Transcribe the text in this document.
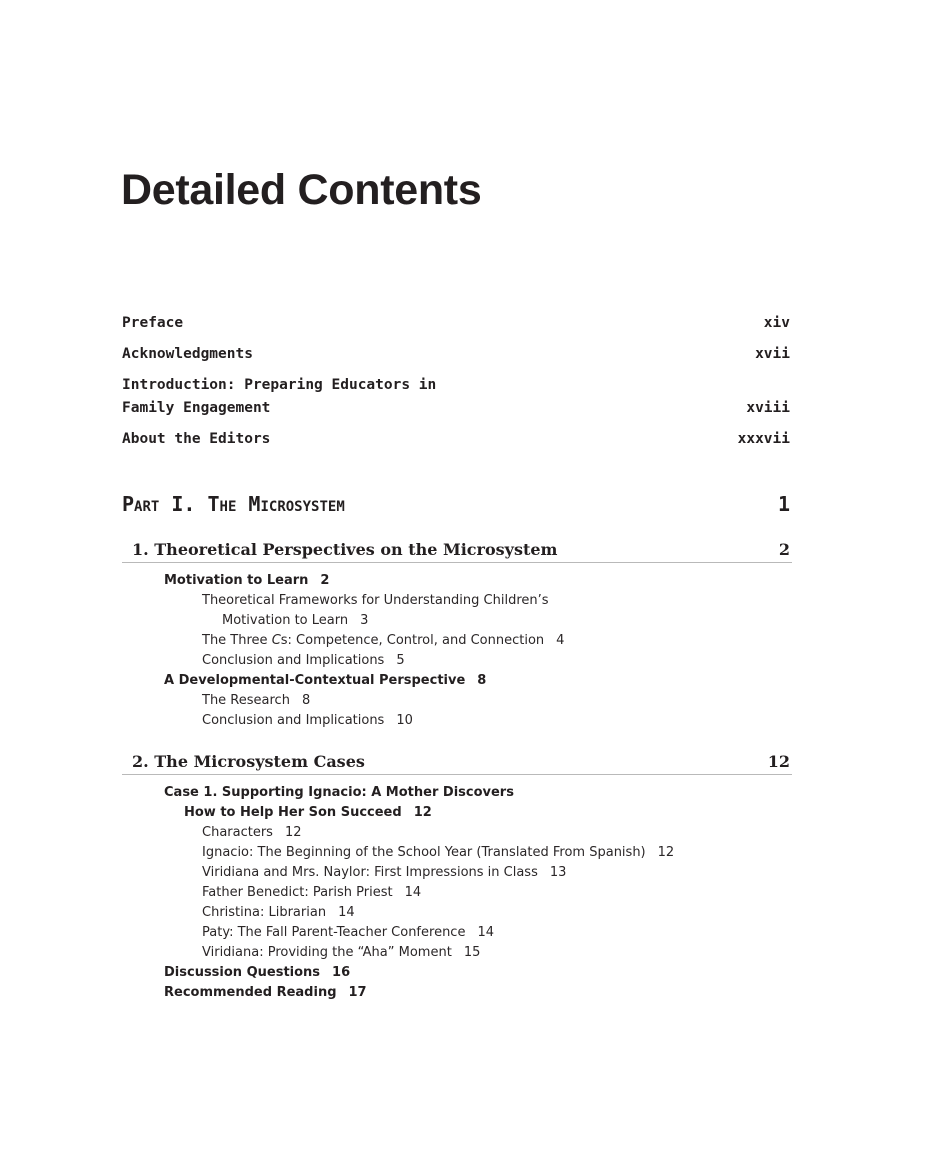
Detailed Contents
Preface	xiv
Acknowledgments	xvii
Introduction: Preparing Educators in
Family Engagement	xviii
About the Editors	xxxvii
Part I. The Microsystem	1
1. Theoretical Perspectives on the Microsystem	2
Motivation to Learn 2
Theoretical Frameworks for Understanding Children’s
Motivation to Learn 3
The Three Cs: Competence, Control, and Connection 4
Conclusion and Implications 5
A Developmental-Contextual Perspective 8
The Research 8
Conclusion and Implications 10
2. The Microsystem Cases	12
Case 1. Supporting Ignacio: A Mother Discovers
How to Help Her Son Succeed 12
Characters 12
Ignacio: The Beginning of the School Year (Translated From Spanish) 12
Viridiana and Mrs. Naylor: First Impressions in Class 13
Father Benedict: Parish Priest 14
Christina: Librarian 14
Paty: The Fall Parent-Teacher Conference 14
Viridiana: Providing the “Aha” Moment 15
Discussion Questions 16
Recommended Reading 17
